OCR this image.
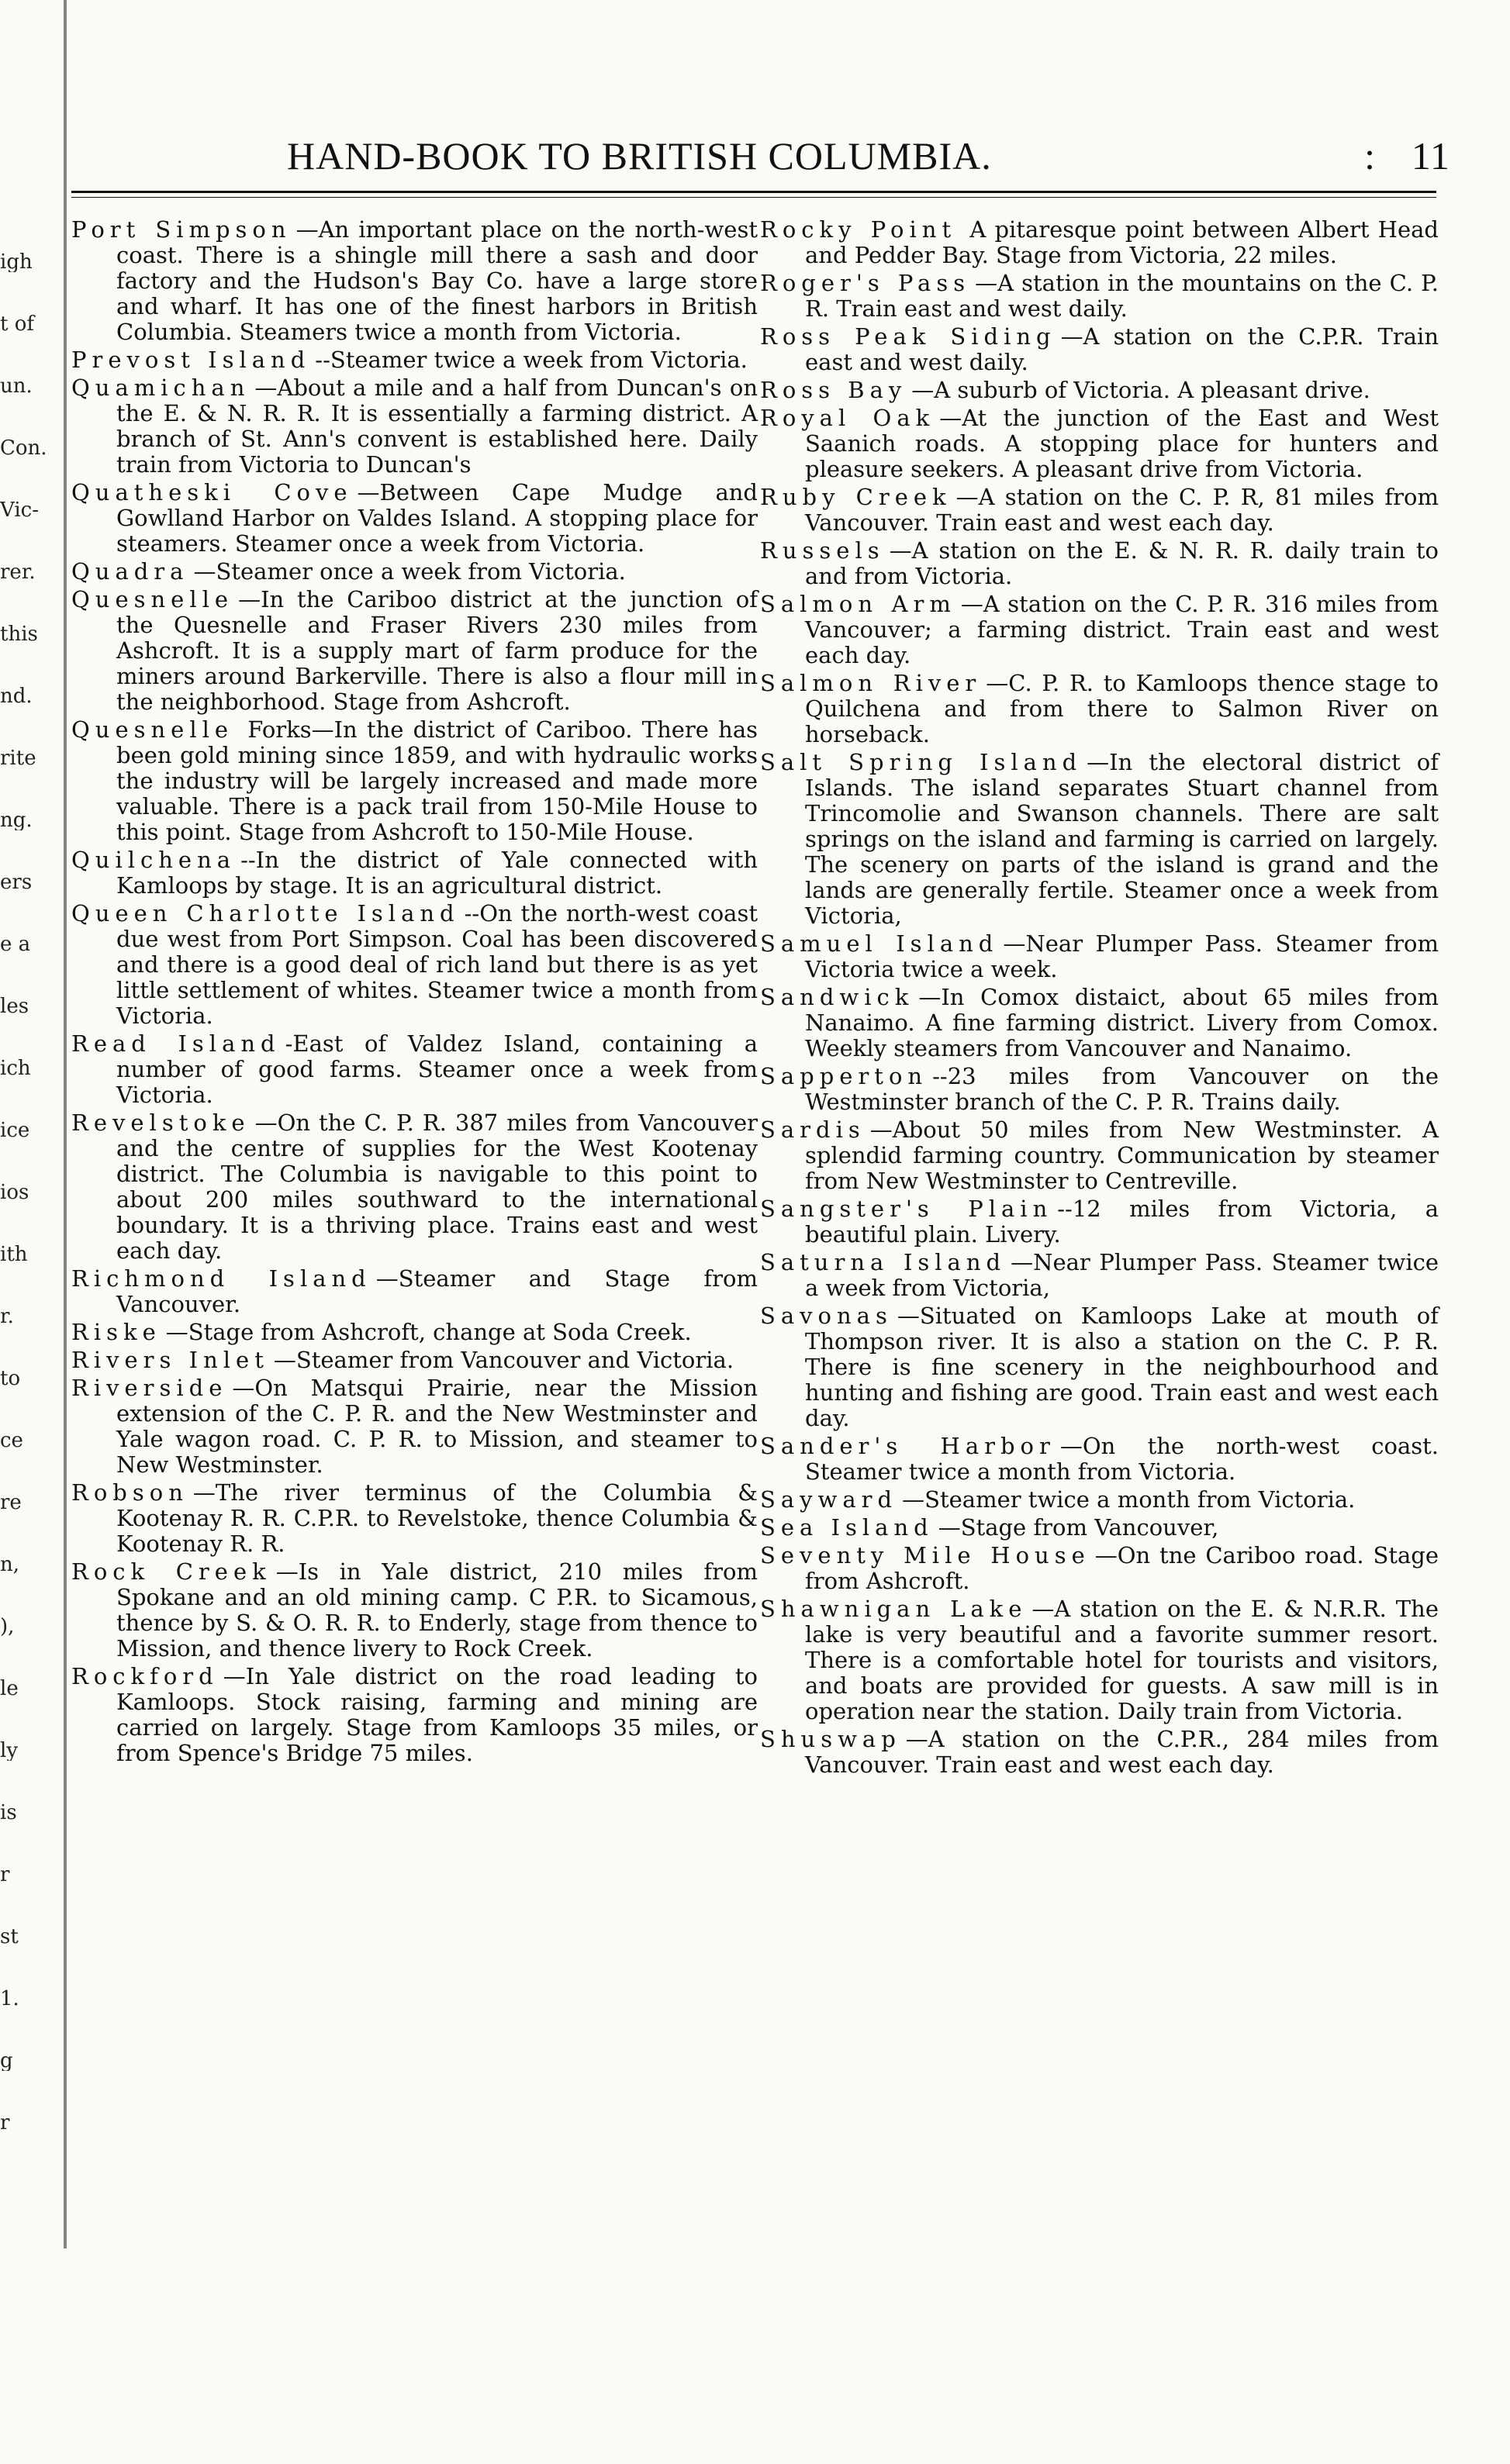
igh
t of
un.
Con.
Vic-
rer.
this
nd.
rite
ng.
ers
e a
les
ich
ice
ios
ith
r.
to
ce
re
n,
),
le
ly
is
r
st
1.
g
r
HAND-BOOK TO BRITISH COLUMBIA.	: 11

Port Simpson —An important place on the north-west coast. There is a shingle mill there a sash and door factory and the Hudson's Bay Co. have a large store and wharf. It has one of the finest harbors in British Columbia. Steamers twice a month from Victoria.

Prevost Island --Steamer twice a week from Victoria.

Quamichan —About a mile and a half from Duncan's on the E. & N. R. R. It is essentially a farming district. A branch of St. Ann's convent is established here. Daily train from Victoria to Duncan's

Quatheski Cove —Between Cape Mudge and Gowlland Harbor on Valdes Island. A stopping place for steamers. Steamer once a week from Victoria.

Quadra —Steamer once a week from Victoria.

Quesnelle —In the Cariboo district at the junction of the Quesnelle and Fraser Rivers 230 miles from Ashcroft. It is a supply mart of farm produce for the miners around Barkerville. There is also a flour mill in the neighborhood. Stage from Ashcroft.

Quesnelle Forks—In the district of Cariboo. There has been gold mining since 1859, and with hydraulic works the industry will be largely increased and made more valuable. There is a pack trail from 150-Mile House to this point. Stage from Ashcroft to 150-Mile House.

Quilchena --In the district of Yale connected with Kamloops by stage. It is an agricultural district.

Queen Charlotte Island --On the north-west coast due west from Port Simpson. Coal has been discovered and there is a good deal of rich land but there is as yet little settlement of whites. Steamer twice a month from Victoria.

Read Island -East of Valdez Island, containing a number of good farms. Steamer once a week from Victoria.

Revelstoke —On the C. P. R. 387 miles from Vancouver and the centre of supplies for the West Kootenay district. The Columbia is navigable to this point to about 200 miles southward to the international boundary. It is a thriving place. Trains east and west each day.

Richmond Island —Steamer and Stage from Vancouver.

Riske —Stage from Ashcroft, change at Soda Creek.

Rivers Inlet —Steamer from Vancouver and Victoria.

Riverside —On Matsqui Prairie, near the Mission extension of the C. P. R. and the New Westminster and Yale wagon road. C. P. R. to Mission, and steamer to New Westminster.

Robson —The river terminus of the Columbia & Kootenay R. R. C.P.R. to Revelstoke, thence Columbia & Kootenay R. R.

Rock Creek —Is in Yale district, 210 miles from Spokane and an old mining camp. C P.R. to Sicamous, thence by S. & O. R. R. to Enderly, stage from thence to Mission, and thence livery to Rock Creek.

Rockford —In Yale district on the road leading to Kamloops. Stock raising, farming and mining are carried on largely. Stage from Kamloops 35 miles, or from Spence's Bridge 75 miles.

Rocky Point A pitaresque point between Albert Head and Pedder Bay. Stage from Victoria, 22 miles.

Roger's Pass —A station in the mountains on the C. P. R. Train east and west daily.

Ross Peak Siding —A station on the C.P.R. Train east and west daily.

Ross Bay —A suburb of Victoria. A pleasant drive.

Royal Oak —At the junction of the East and West Saanich roads. A stopping place for hunters and pleasure seekers. A pleasant drive from Victoria.

Ruby Creek —A station on the C. P. R, 81 miles from Vancouver. Train east and west each day.

Russels —A station on the E. & N. R. R. daily train to and from Victoria.

Salmon Arm —A station on the C. P. R. 316 miles from Vancouver; a farming district. Train east and west each day.

Salmon River —C. P. R. to Kamloops thence stage to Quilchena and from there to Salmon River on horseback.

Salt Spring Island —In the electoral district of Islands. The island separates Stuart channel from Trincomolie and Swanson channels. There are salt springs on the island and farming is carried on largely. The scenery on parts of the island is grand and the lands are generally fertile. Steamer once a week from Victoria,

Samuel Island —Near Plumper Pass. Steamer from Victoria twice a week.

Sandwick —In Comox distaict, about 65 miles from Nanaimo. A fine farming district. Livery from Comox. Weekly steamers from Vancouver and Nanaimo.

Sapperton --23 miles from Vancouver on the Westminster branch of the C. P. R. Trains daily.

Sardis —About 50 miles from New Westminster. A splendid farming country. Communication by steamer from New Westminster to Centreville.

Sangster's Plain --12 miles from Victoria, a beautiful plain. Livery.

Saturna Island —Near Plumper Pass. Steamer twice a week from Victoria,

Savonas —Situated on Kamloops Lake at mouth of Thompson river. It is also a station on the C. P. R. There is fine scenery in the neighbourhood and hunting and fishing are good. Train east and west each day.

Sander's Harbor —On the north-west coast. Steamer twice a month from Victoria.

Sayward —Steamer twice a month from Victoria.

Sea Island —Stage from Vancouver,

Seventy Mile House —On tne Cariboo road. Stage from Ashcroft.

Shawnigan Lake —A station on the E. & N.R.R. The lake is very beautiful and a favorite summer resort. There is a comfortable hotel for tourists and visitors, and boats are provided for guests. A saw mill is in operation near the station. Daily train from Victoria.

Shuswap —A station on the C.P.R., 284 miles from Vancouver. Train east and west each day.
